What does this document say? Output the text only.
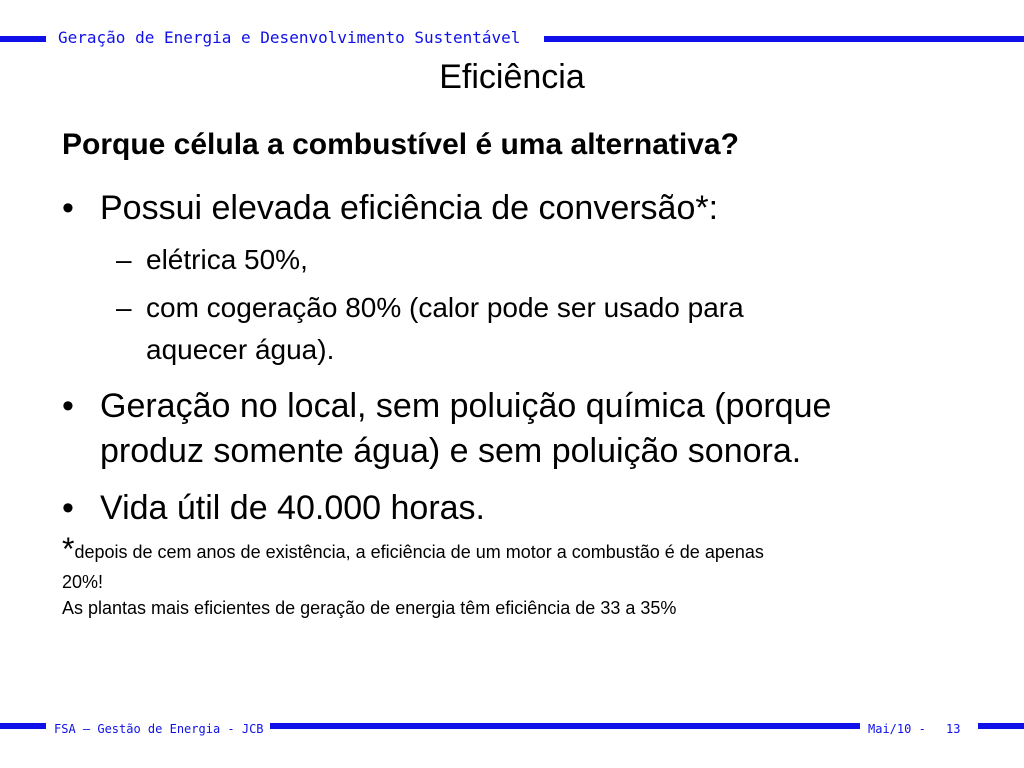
Geração de Energia e Desenvolvimento Sustentável
Eficiência
Porque célula a combustível é uma alternativa?
• Possui elevada eficiência de conversão*:
– elétrica 50%,
– com cogeração 80% (calor pode ser usado para
aquecer água).
• Geração no local, sem poluição química (porque
produz somente água) e sem poluição sonora.
• Vida útil de 40.000 horas.
*depois de cem anos de existência, a eficiência de um motor a combustão é de apenas
20%!
As plantas mais eficientes de geração de energia têm eficiência de 33 a 35%
FSA – Gestão de Energia - JCB	Mai/10 - 13
